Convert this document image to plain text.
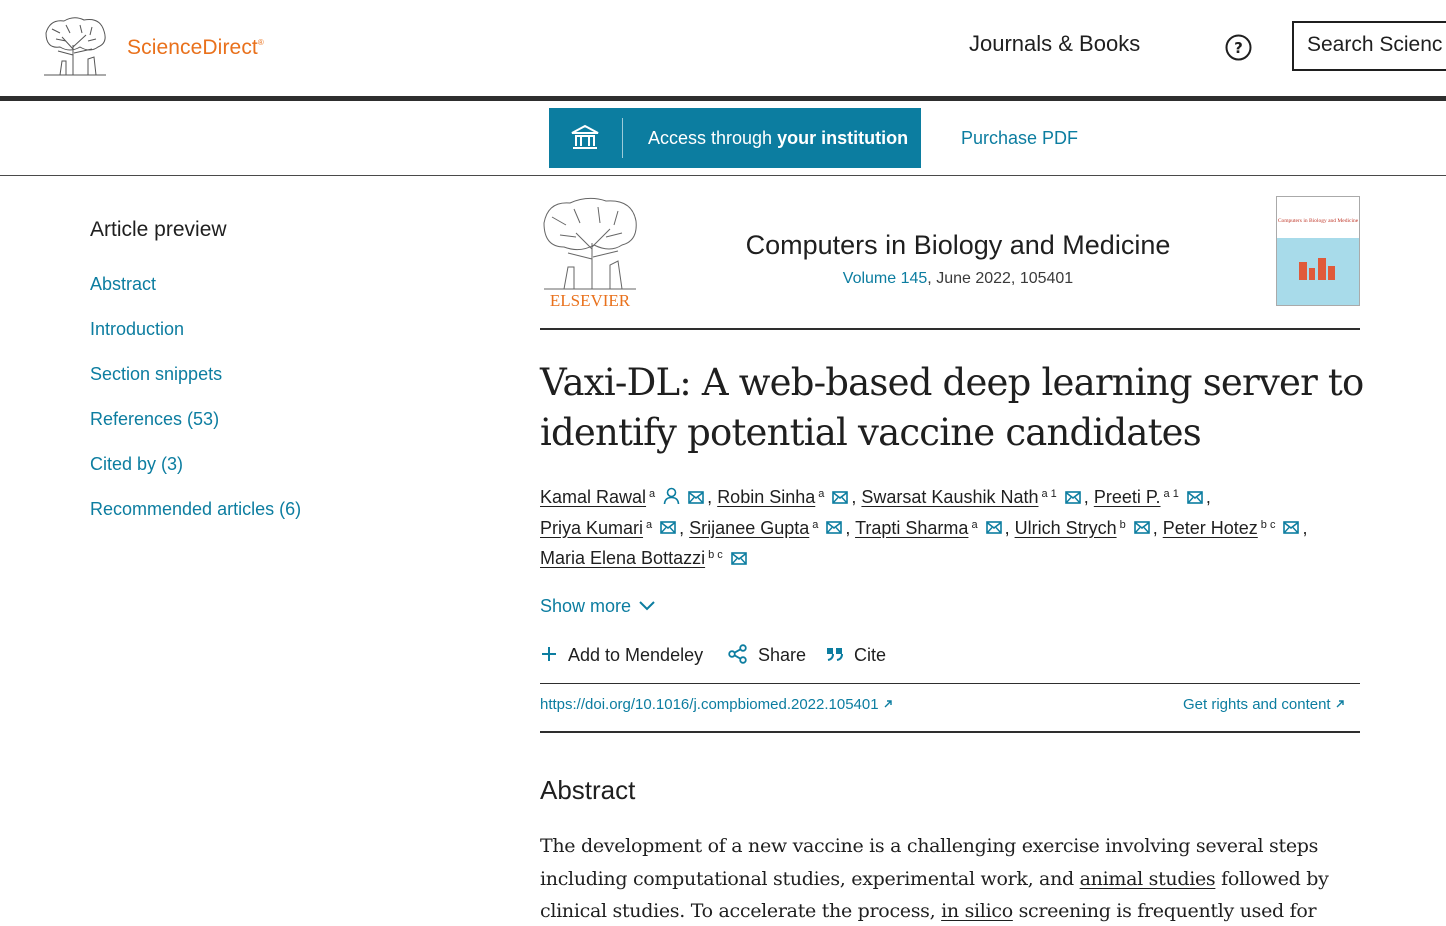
ScienceDirect®	Journals & Books	?	Search Scienc
Access through your institution	Purchase PDF
Article preview
Abstract
Introduction
Section snippets
References (53)
Cited by (3)
Recommended articles (6)
ELSEVIER
Computers in Biology and Medicine
Volume 145, June 2022, 105401
Computers in Biology and Medicine
Vaxi-DL: A web-based deep learning server to identify potential vaccine candidates
Kamal Rawal $^a$	, Robin Sinha $^a$ , Swarsat Kaushik Nath $^{a 1}$ , Preeti P. $^{a 1}$ ,
Priya Kumari $^a$ , Srijanee Gupta $^a$ , Trapti Sharma $^a$ , Ulrich Strych $^b$ , Peter Hotez $^{b c}$ ,
Maria Elena Bottazzi $^{b c}$
Show more
Add to Mendeley	Share	Cite
https://doi.org/10.1016/j.compbiomed.2022.105401	Get rights and content
Abstract

The development of a new vaccine is a challenging exercise involving several steps including computational studies, experimental work, and animal studies followed by clinical studies. To accelerate the process, in silico screening is frequently used for
